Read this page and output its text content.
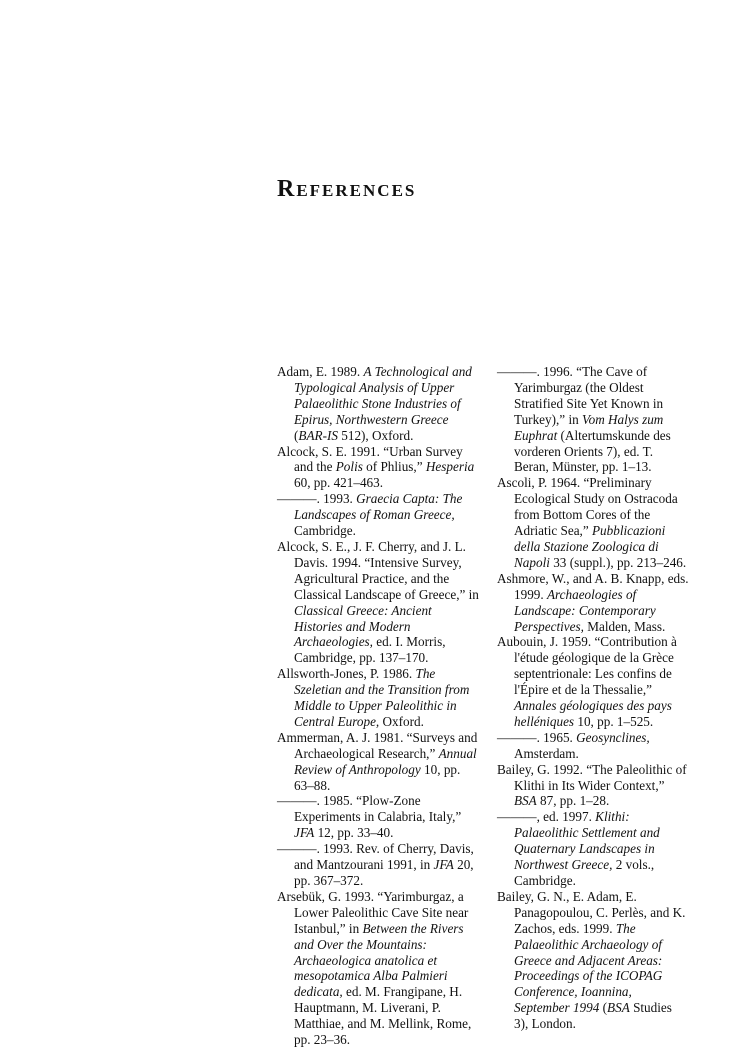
References

Adam, E. 1989. A Technological and Typological Analysis of Upper Palaeolithic Stone Industries of Epirus, Northwestern Greece (BAR-IS 512), Oxford.

Alcock, S. E. 1991. “Urban Survey and the Polis of Phlius,” Hesperia 60, pp. 421–463.

———. 1993. Graecia Capta: The Landscapes of Roman Greece, Cambridge.

Alcock, S. E., J. F. Cherry, and J. L. Davis. 1994. “Intensive Survey, Agricultural Practice, and the Classical Landscape of Greece,” in Classical Greece: Ancient Histories and Modern Archaeologies, ed. I. Morris, Cambridge, pp. 137–170.

Allsworth-Jones, P. 1986. The Szeletian and the Transition from Middle to Upper Paleolithic in Central Europe, Oxford.

Ammerman, A. J. 1981. “Surveys and Archaeological Research,” Annual Review of Anthropology 10, pp. 63–88.

———. 1985. “Plow-Zone Experiments in Calabria, Italy,” JFA 12, pp. 33–40.

———. 1993. Rev. of Cherry, Davis, and Mantzourani 1991, in JFA 20, pp. 367–372.

Arsebük, G. 1993. “Yarimburgaz, a Lower Paleolithic Cave Site near Istanbul,” in Between the Rivers and Over the Mountains: Archaeologica anatolica et mesopotamica Alba Palmieri dedicata, ed. M. Frangipane, H. Hauptmann, M. Liverani, P. Matthiae, and M. Mellink, Rome, pp. 23–36.

———. 1996. “The Cave of Yarimburgaz (the Oldest Stratified Site Yet Known in Turkey),” in Vom Halys zum Euphrat (Altertumskunde des vorderen Orients 7), ed. T. Beran, Münster, pp. 1–13.

Ascoli, P. 1964. “Preliminary Ecological Study on Ostracoda from Bottom Cores of the Adriatic Sea,” Pubblicazioni della Stazione Zoologica di Napoli 33 (suppl.), pp. 213–246.

Ashmore, W., and A. B. Knapp, eds. 1999. Archaeologies of Landscape: Contemporary Perspectives, Malden, Mass.

Aubouin, J. 1959. “Contribution à l'étude géologique de la Grèce septentrionale: Les confins de l'Épire et de la Thessalie,” Annales géologiques des pays helléniques 10, pp. 1–525.

———. 1965. Geosynclines, Amsterdam.

Bailey, G. 1992. “The Paleolithic of Klithi in Its Wider Context,” BSA 87, pp. 1–28.

———, ed. 1997. Klithi: Palaeolithic Settlement and Quaternary Landscapes in Northwest Greece, 2 vols., Cambridge.

Bailey, G. N., E. Adam, E. Panagopoulou, C. Perlès, and K. Zachos, eds. 1999. The Palaeolithic Archaeology of Greece and Adjacent Areas: Proceedings of the ICOPAG Conference, Ioannina, September 1994 (BSA Studies 3), London.
